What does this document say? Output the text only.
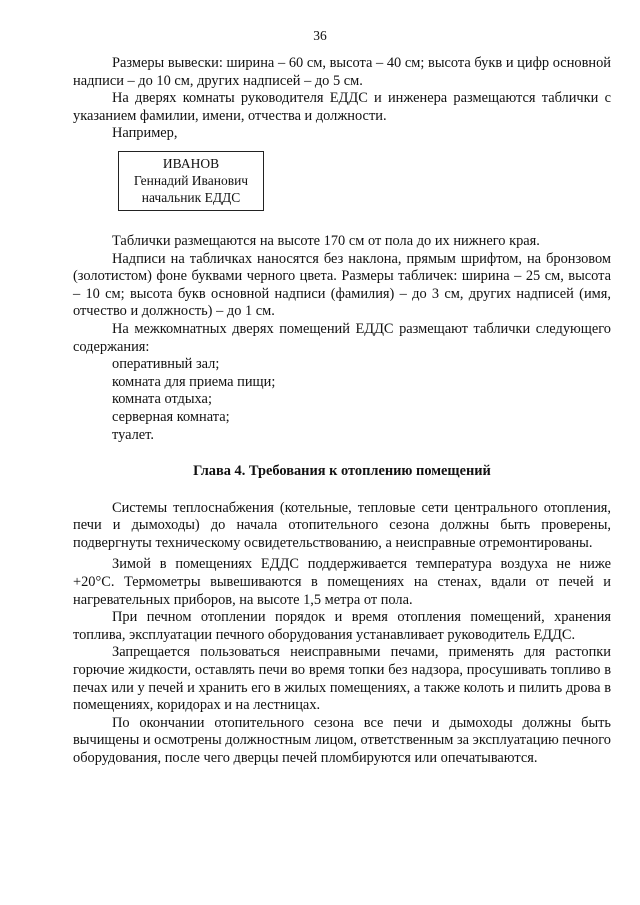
36

Размеры вывески: ширина – 60 см, высота – 40 см; высота букв и цифр основной надписи – до 10 см, других надписей – до 5 см.

На дверях комнаты руководителя ЕДДС и инженера размещаются таблички с указанием фамилии, имени, отчества и должности.

Например,

ИВАНОВ
Геннадий Иванович
начальник ЕДДС

Таблички размещаются на высоте 170 см от пола до их нижнего края.

Надписи на табличках наносятся без наклона, прямым шрифтом, на бронзовом (золотистом) фоне буквами черного цвета. Размеры табличек: ширина – 25 см, высота – 10 см; высота букв основной надписи (фамилия) – до 3 см, других надписей (имя, отчество и должность) – до 1 см.

На межкомнатных дверях помещений ЕДДС размещают таблички следующего содержания:

оперативный зал;
комната для приема пищи;
комната отдыха;
серверная комната;
туалет.
Глава 4. Требования к отоплению помещений

Системы теплоснабжения (котельные, тепловые сети центрального отопления, печи и дымоходы) до начала отопительного сезона должны быть проверены, подвергнуты техническому освидетельствованию, а неисправные отремонтированы.

Зимой в помещениях ЕДДС поддерживается температура воздуха не ниже +20°С. Термометры вывешиваются в помещениях на стенах, вдали от печей и нагревательных приборов, на высоте 1,5 метра от пола.

При печном отоплении порядок и время отопления помещений, хранения топлива, эксплуатации печного оборудования устанавливает руководитель ЕДДС.

Запрещается пользоваться неисправными печами, применять для растопки горючие жидкости, оставлять печи во время топки без надзора, просушивать топливо в печах или у печей и хранить его в жилых помещениях, а также колоть и пилить дрова в помещениях, коридорах и на лестницах.

По окончании отопительного сезона все печи и дымоходы должны быть вычищены и осмотрены должностным лицом, ответственным за эксплуатацию печного оборудования, после чего дверцы печей пломбируются или опечатываются.
